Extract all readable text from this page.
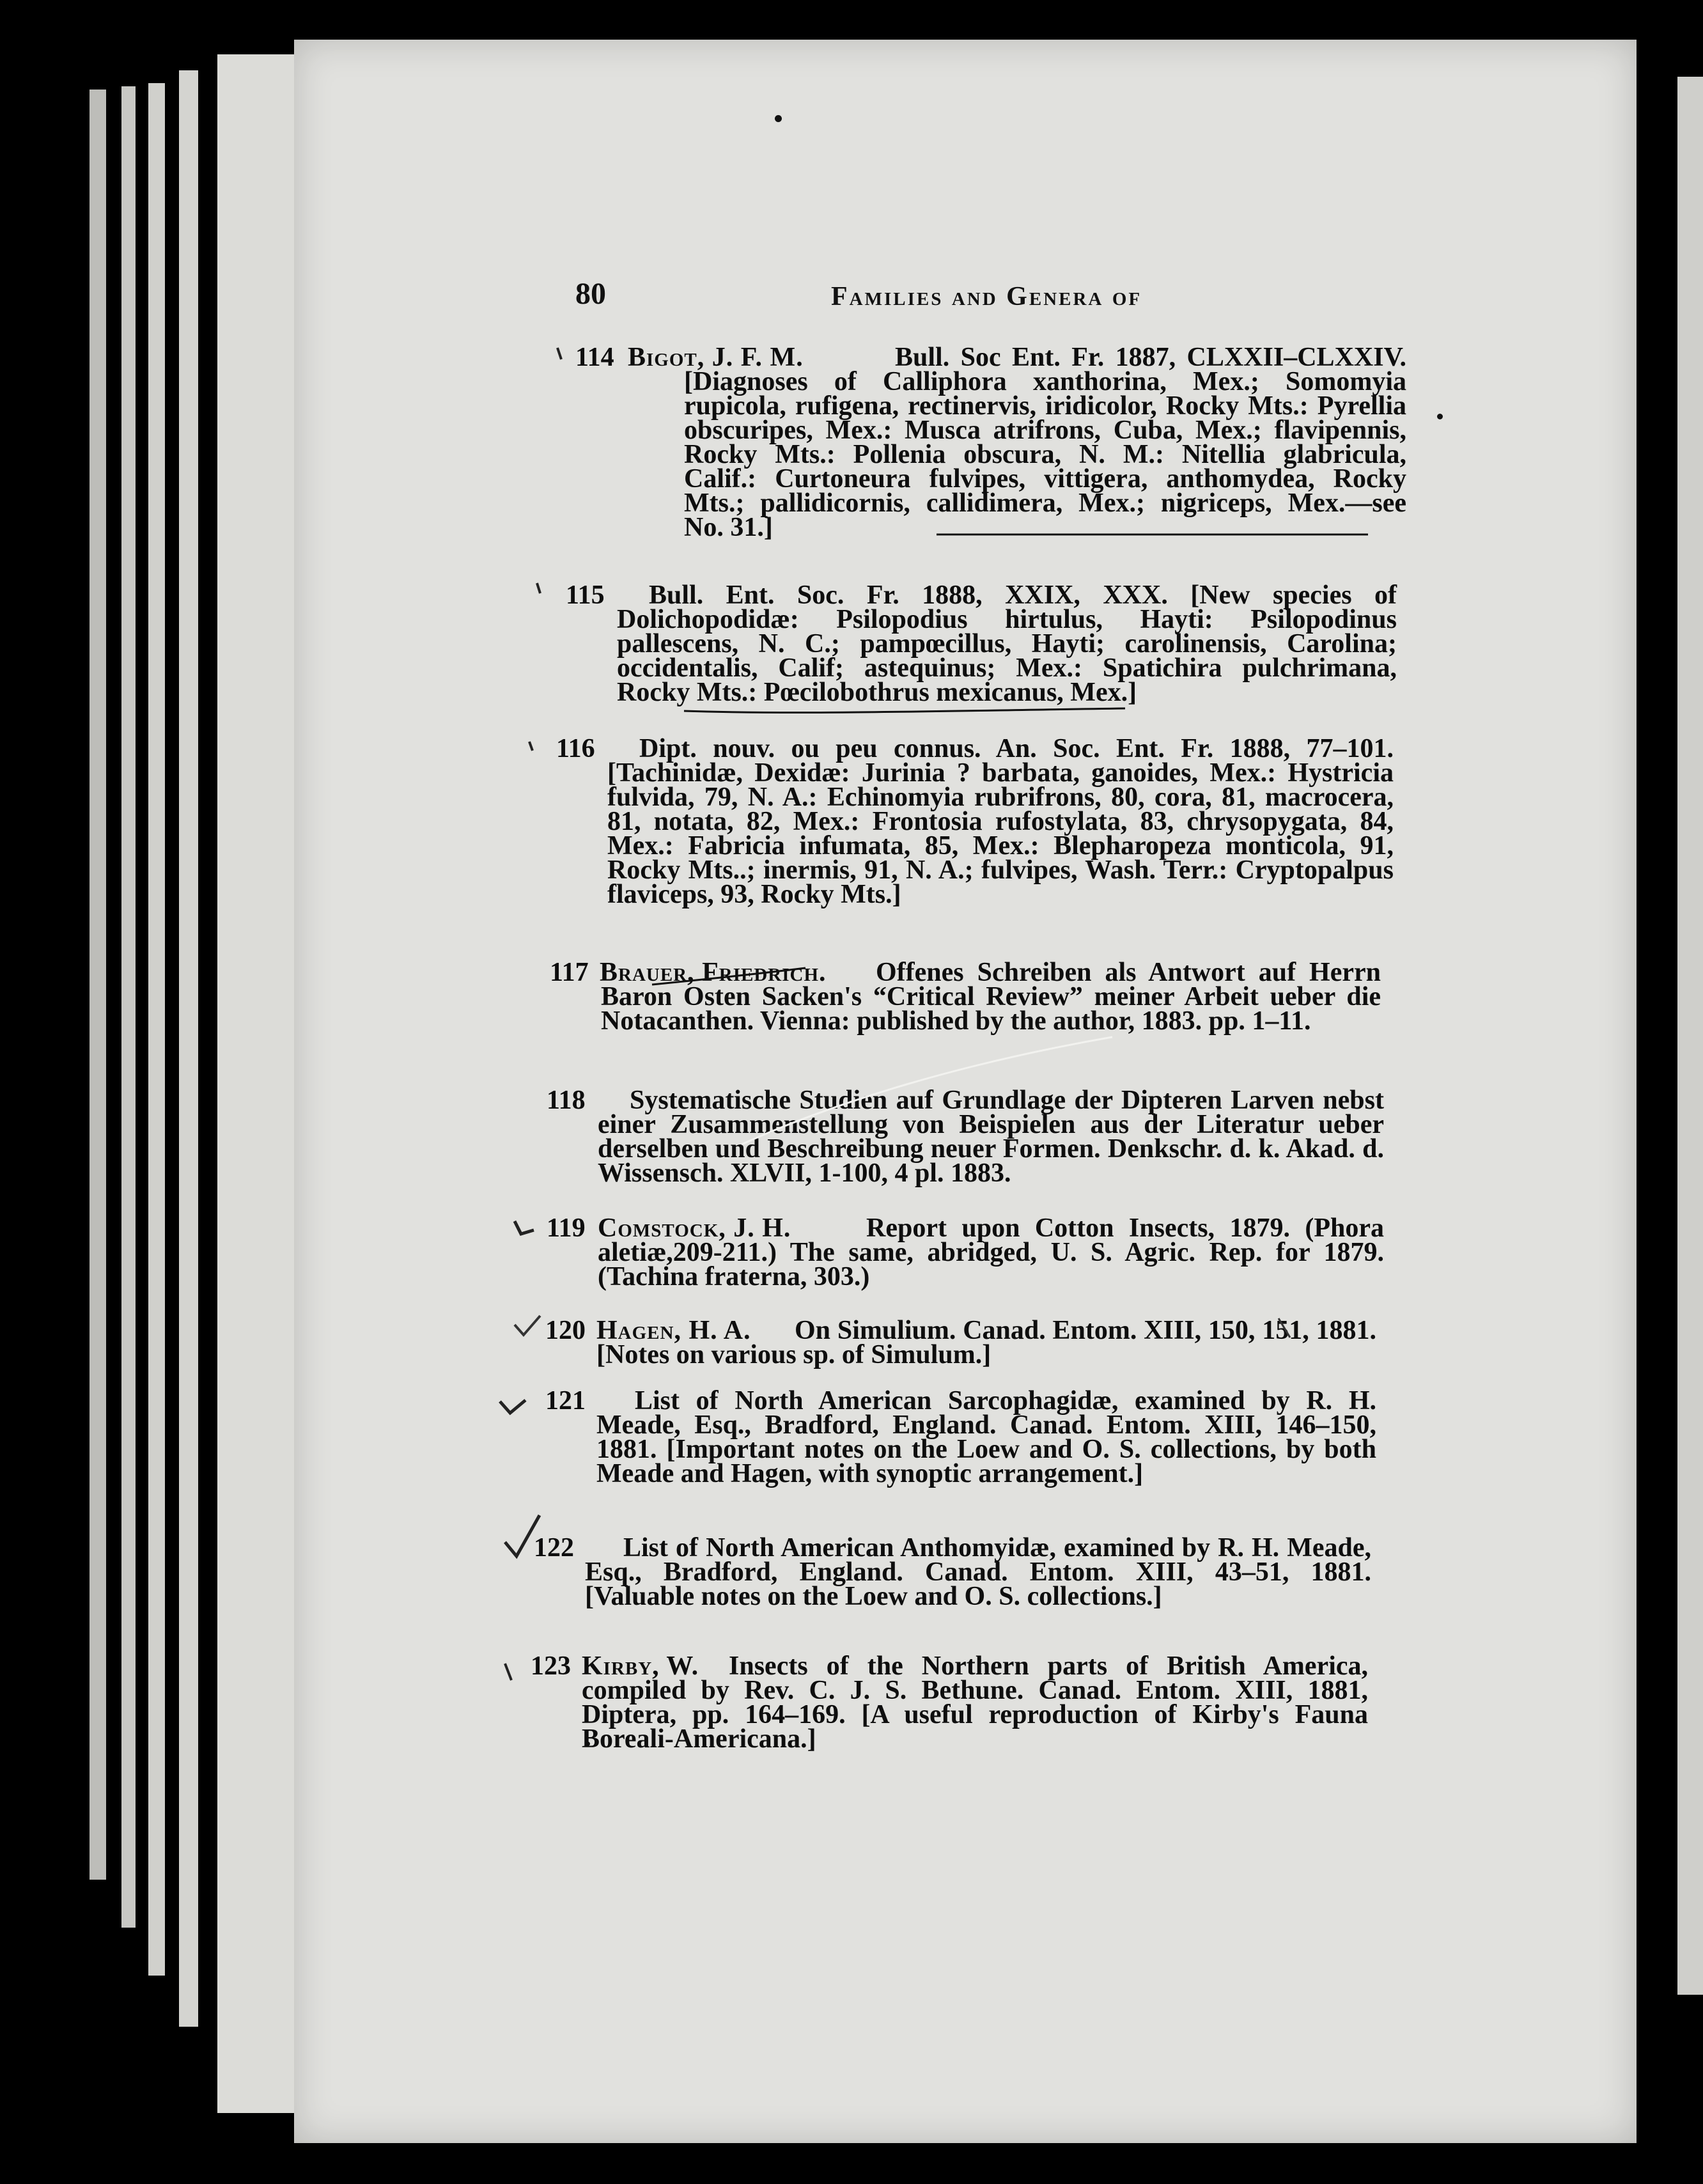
80	Families and Genera of
114 Bigot, J. F. M.	Bull. Soc Ent. Fr. 1887, CLXXII–CLXXIV. [Diagnoses of Calliphora xanthorina, Mex.; Somomyia rupicola, rufigena, rectinervis, iridicolor, Rocky Mts.: Pyrellia obscuripes, Mex.: Musca atrifrons, Cuba, Mex.; flavipennis, Rocky Mts.: Pollenia obscura, N. M.: Nitellia glabricula, Calif.: Curtoneura fulvipes, vittigera, anthomydea, Rocky Mts.; pallidicornis, callidimera, Mex.; nigriceps, Mex.—see No. 31.]
115	Bull. Ent. Soc. Fr. 1888, XXIX, XXX. [New species of Dolichopodidæ: Psilopodius hirtulus, Hayti: Psilopodinus pallescens, N. C.; pampœcillus, Hayti; carolinensis, Carolina; occidentalis, Calif; astequinus; Mex.: Spatichira pulchrimana, Rocky Mts.: Pœcilobothrus mexicanus, Mex.]
116	Dipt. nouv. ou peu connus. An. Soc. Ent. Fr. 1888, 77–101. [Tachinidæ, Dexidæ: Jurinia ? barbata, ganoides, Mex.: Hystricia fulvida, 79, N. A.: Echinomyia rubrifrons, 80, cora, 81, macrocera, 81, notata, 82, Mex.: Frontosia rufostylata, 83, chrysopygata, 84, Mex.: Fabricia infumata, 85, Mex.: Blepharopeza monticola, 91, Rocky Mts..; inermis, 91, N. A.; fulvipes, Wash. Terr.: Cryptopalpus flaviceps, 93, Rocky Mts.]
117 Brauer, Friedrich.	Offenes Schreiben als Antwort auf Herrn Baron Osten Sacken's “Critical Review” meiner Arbeit ueber die Notacanthen. Vienna: published by the author, 1883. pp. 1–11.
118	Systematische Studien auf Grundlage der Dipteren Larven nebst einer Zusammenstellung von Beispielen aus der Literatur ueber derselben und Beschreibung neuer Formen. Denkschr. d. k. Akad. d. Wissensch. XLVII, 1-100, 4 pl. 1883.
119 Comstock, J. H.	Report upon Cotton Insects, 1879. (Phora aletiæ,209-211.) The same, abridged, U. S. Agric. Rep. for 1879. (Tachina fraterna, 303.)
120 Hagen, H. A.	On Simulium. Canad. Entom. XIII, 150, 151, 1881. [Notes on various sp. of Simulum.]
121	List of North American Sarcophagidæ, examined by R. H. Meade, Esq., Bradford, England. Canad. Entom. XIII, 146–150, 1881. [Important notes on the Loew and O. S. collections, by both Meade and Hagen, with synoptic arrangement.]
122	List of North American Anthomyidæ, examined by R. H. Meade, Esq., Bradford, England. Canad. Entom. XIII, 43–51, 1881. [Valuable notes on the Loew and O. S. collections.]
123 Kirby, W.	Insects of the Northern parts of British America, compiled by Rev. C. J. S. Bethune. Canad. Entom. XIII, 1881, Diptera, pp. 164–169. [A useful reproduction of Kirby's Fauna Boreali-Americana.]
